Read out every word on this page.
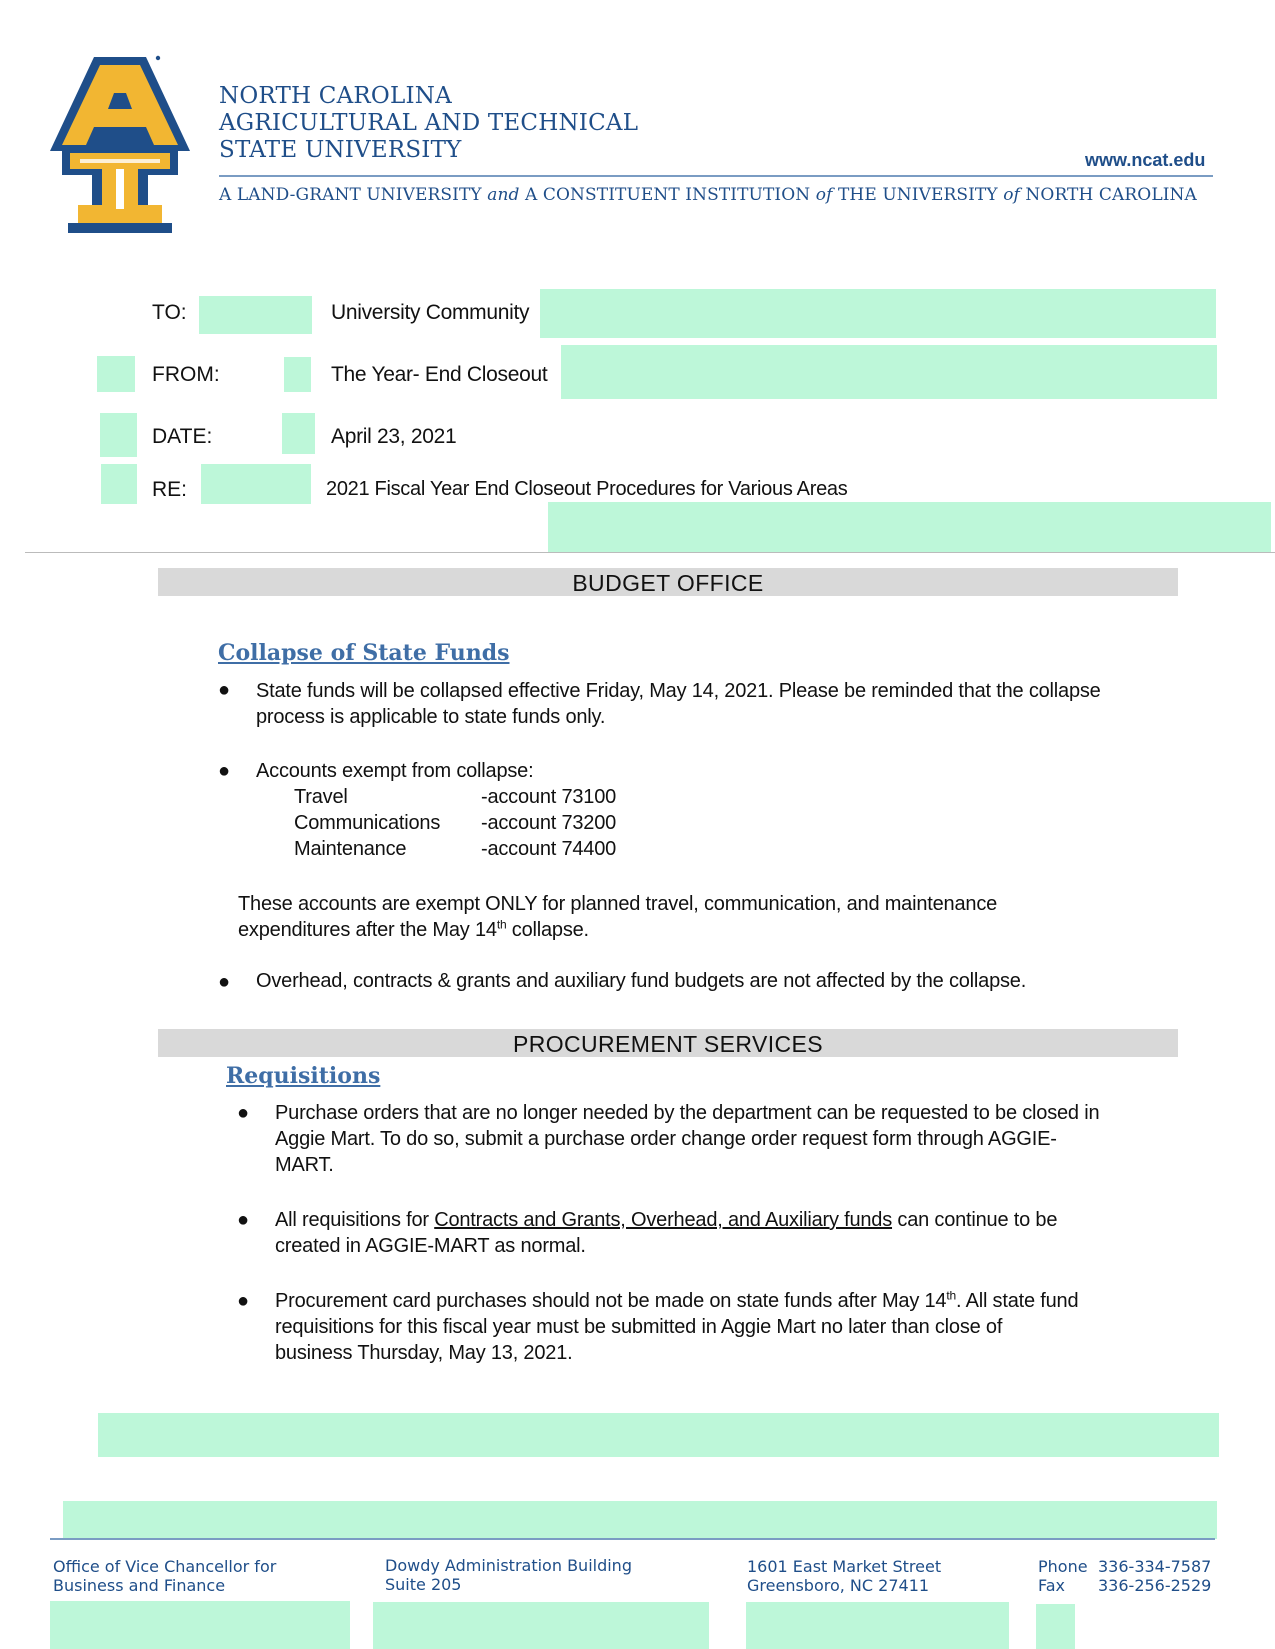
NORTH CAROLINA
AGRICULTURAL AND TECHNICAL
STATE UNIVERSITY	www.ncat.edu
A LAND-GRANT UNIVERSITY and A CONSTITUENT INSTITUTION of THE UNIVERSITY of NORTH CAROLINA
TO:	University Community
FROM:	The Year- End Closeout
DATE:	April 23, 2021
RE:	2021 Fiscal Year End Closeout Procedures for Various Areas
BUDGET OFFICE
Collapse of State Funds
● State funds will be collapsed effective Friday, May 14, 2021. Please be reminded that the collapse
process is applicable to state funds only.
● Accounts exempt from collapse:
Travel	-account 73100
Communications -account 73200
Maintenance	-account 74400
These accounts are exempt ONLY for planned travel, communication, and maintenance
expenditures after the May 14th collapse.
● Overhead, contracts & grants and auxiliary fund budgets are not affected by the collapse.
PROCUREMENT SERVICES
Requisitions
● Purchase orders that are no longer needed by the department can be requested to be closed in
Aggie Mart. To do so, submit a purchase order change order request form through AGGIE-
MART.
● All requisitions for Contracts and Grants, Overhead, and Auxiliary funds can continue to be
created in AGGIE-MART as normal.
● Procurement card purchases should not be made on state funds after May 14th. All state fund
requisitions for this fiscal year must be submitted in Aggie Mart no later than close of
business Thursday, May 13, 2021.
Office of Vice Chancellor for
Business and Finance
Dowdy Administration Building
Suite 205
1601 East Market Street
Greensboro, NC 27411
Phone 336-334-7587
Fax 336-256-2529
